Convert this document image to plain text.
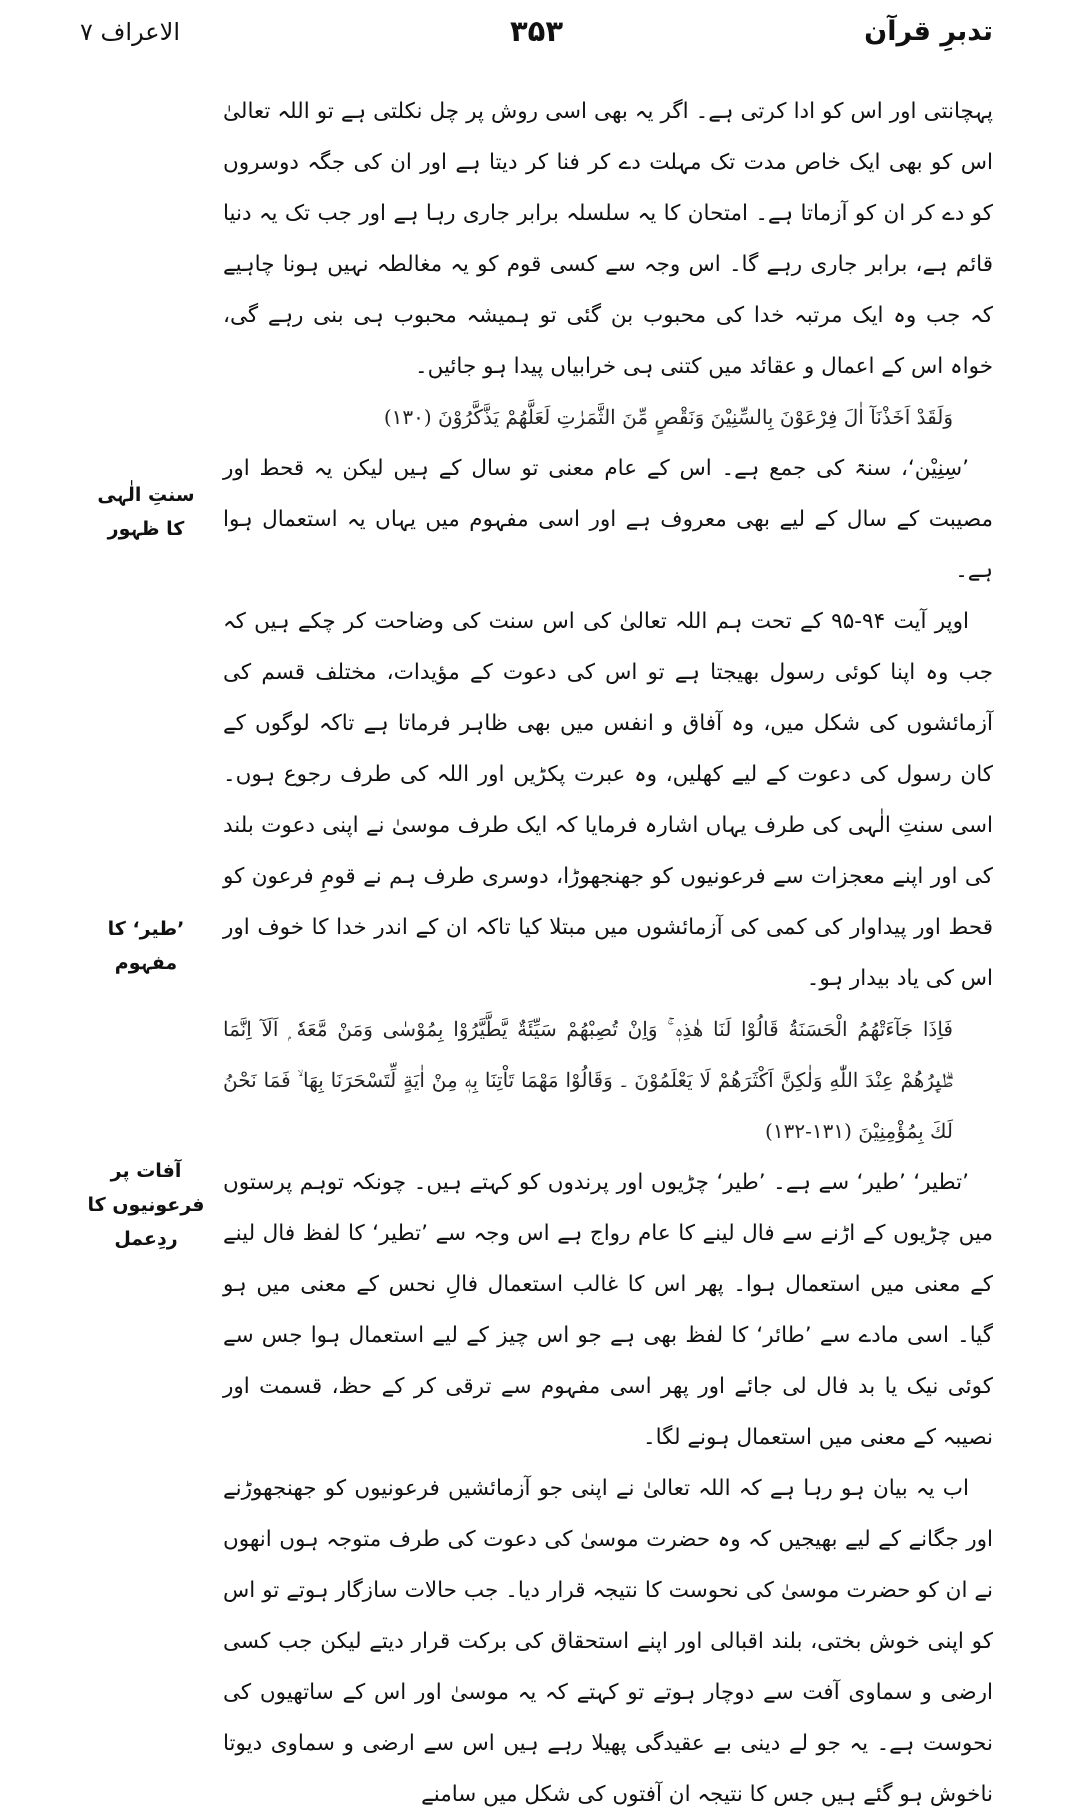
تدبرِ قرآن
۳۵۳
الاعراف ۷

پہچانتی اور اس کو ادا کرتی ہے۔ اگر یہ بھی اسی روش پر چل نکلتی ہے تو اللہ تعالیٰ اس کو بھی ایک خاص مدت تک مہلت دے کر فنا کر دیتا ہے اور ان کی جگہ دوسروں کو دے کر ان کو آزماتا ہے۔ امتحان کا یہ سلسلہ برابر جاری رہا ہے اور جب تک یہ دنیا قائم ہے، برابر جاری رہے گا۔ اس وجہ سے کسی قوم کو یہ مغالطہ نہیں ہونا چاہیے کہ جب وہ ایک مرتبہ خدا کی محبوب بن گئی تو ہمیشہ محبوب ہی بنی رہے گی، خواہ اس کے اعمال و عقائد میں کتنی ہی خرابیاں پیدا ہو جائیں۔

وَلَقَدْ اَخَذْنَآ اٰلَ فِرْعَوْنَ بِالسِّنِيْنَ وَنَقْصٍ مِّنَ الثَّمَرٰتِ لَعَلَّهُمْ يَذَّكَّرُوْنَ (۱۳۰)

’سِنِیْن‘، سنۃ کی جمع ہے۔ اس کے عام معنی تو سال کے ہیں لیکن یہ قحط اور مصیبت کے سال کے لیے بھی معروف ہے اور اسی مفہوم میں یہاں یہ استعمال ہوا ہے۔

اوپر آیت ۹۴-۹۵ کے تحت ہم اللہ تعالیٰ کی اس سنت کی وضاحت کر چکے ہیں کہ جب وہ اپنا کوئی رسول بھیجتا ہے تو اس کی دعوت کے مؤیدات، مختلف قسم کی آزمائشوں کی شکل میں، وہ آفاق و انفس میں بھی ظاہر فرماتا ہے تاکہ لوگوں کے کان رسول کی دعوت کے لیے کھلیں، وہ عبرت پکڑیں اور اللہ کی طرف رجوع ہوں۔ اسی سنتِ الٰہی کی طرف یہاں اشارہ فرمایا کہ ایک طرف موسیٰ نے اپنی دعوت بلند کی اور اپنے معجزات سے فرعونیوں کو جھنجھوڑا، دوسری طرف ہم نے قومِ فرعون کو قحط اور پیداوار کی کمی کی آزمائشوں میں مبتلا کیا تاکہ ان کے اندر خدا کا خوف اور اس کی یاد بیدار ہو۔

فَاِذَا جَآءَتْهُمُ الْحَسَنَةُ قَالُوْا لَنَا هٰذِهٖ ۚ وَاِنْ تُصِبْهُمْ سَيِّئَةٌ يَّطَّيَّرُوْا بِمُوْسٰى وَمَنْ مَّعَهٗ ۭ اَلَآ اِنَّمَا طٰۗىِٕرُهُمْ عِنْدَ اللّٰهِ وَلٰكِنَّ اَكْثَرَهُمْ لَا يَعْلَمُوْنَ ۔ وَقَالُوْا مَهْمَا تَاْتِنَا بِهٖ مِنْ اٰيَةٍ لِّتَسْحَرَنَا بِهَا ۙ فَمَا نَحْنُ لَكَ بِمُؤْمِنِيْنَ (۱۳۱-۱۳۲)

’تطیر‘ ’طیر‘ سے ہے۔ ’طیر‘ چڑیوں اور پرندوں کو کہتے ہیں۔ چونکہ توہم پرستوں میں چڑیوں کے اڑنے سے فال لینے کا عام رواج ہے اس وجہ سے ’تطیر‘ کا لفظ فال لینے کے معنی میں استعمال ہوا۔ پھر اس کا غالب استعمال فالِ نحس کے معنی میں ہو گیا۔ اسی مادے سے ’طائر‘ کا لفظ بھی ہے جو اس چیز کے لیے استعمال ہوا جس سے کوئی نیک یا بد فال لی جائے اور پھر اسی مفہوم سے ترقی کر کے حظ، قسمت اور نصیبہ کے معنی میں استعمال ہونے لگا۔

اب یہ بیان ہو رہا ہے کہ اللہ تعالیٰ نے اپنی جو آزمائشیں فرعونیوں کو جھنجھوڑنے اور جگانے کے لیے بھیجیں کہ وہ حضرت موسیٰ کی دعوت کی طرف متوجہ ہوں انھوں نے ان کو حضرت موسیٰ کی نحوست کا نتیجہ قرار دیا۔ جب حالات سازگار ہوتے تو اس کو اپنی خوش بختی، بلند اقبالی اور اپنے استحقاق کی برکت قرار دیتے لیکن جب کسی ارضی و سماوی آفت سے دوچار ہوتے تو کہتے کہ یہ موسیٰ اور اس کے ساتھیوں کی نحوست ہے۔ یہ جو لے دینی بے عقیدگی پھیلا رہے ہیں اس سے ارضی و سماوی دیوتا ناخوش ہو گئے ہیں جس کا نتیجہ ان آفتوں کی شکل میں سامنے

سنتِ الٰہی
کا ظہور
’طیر‘ کا
مفہوم
آفات پر
فرعونیوں کا
ردِعمل
